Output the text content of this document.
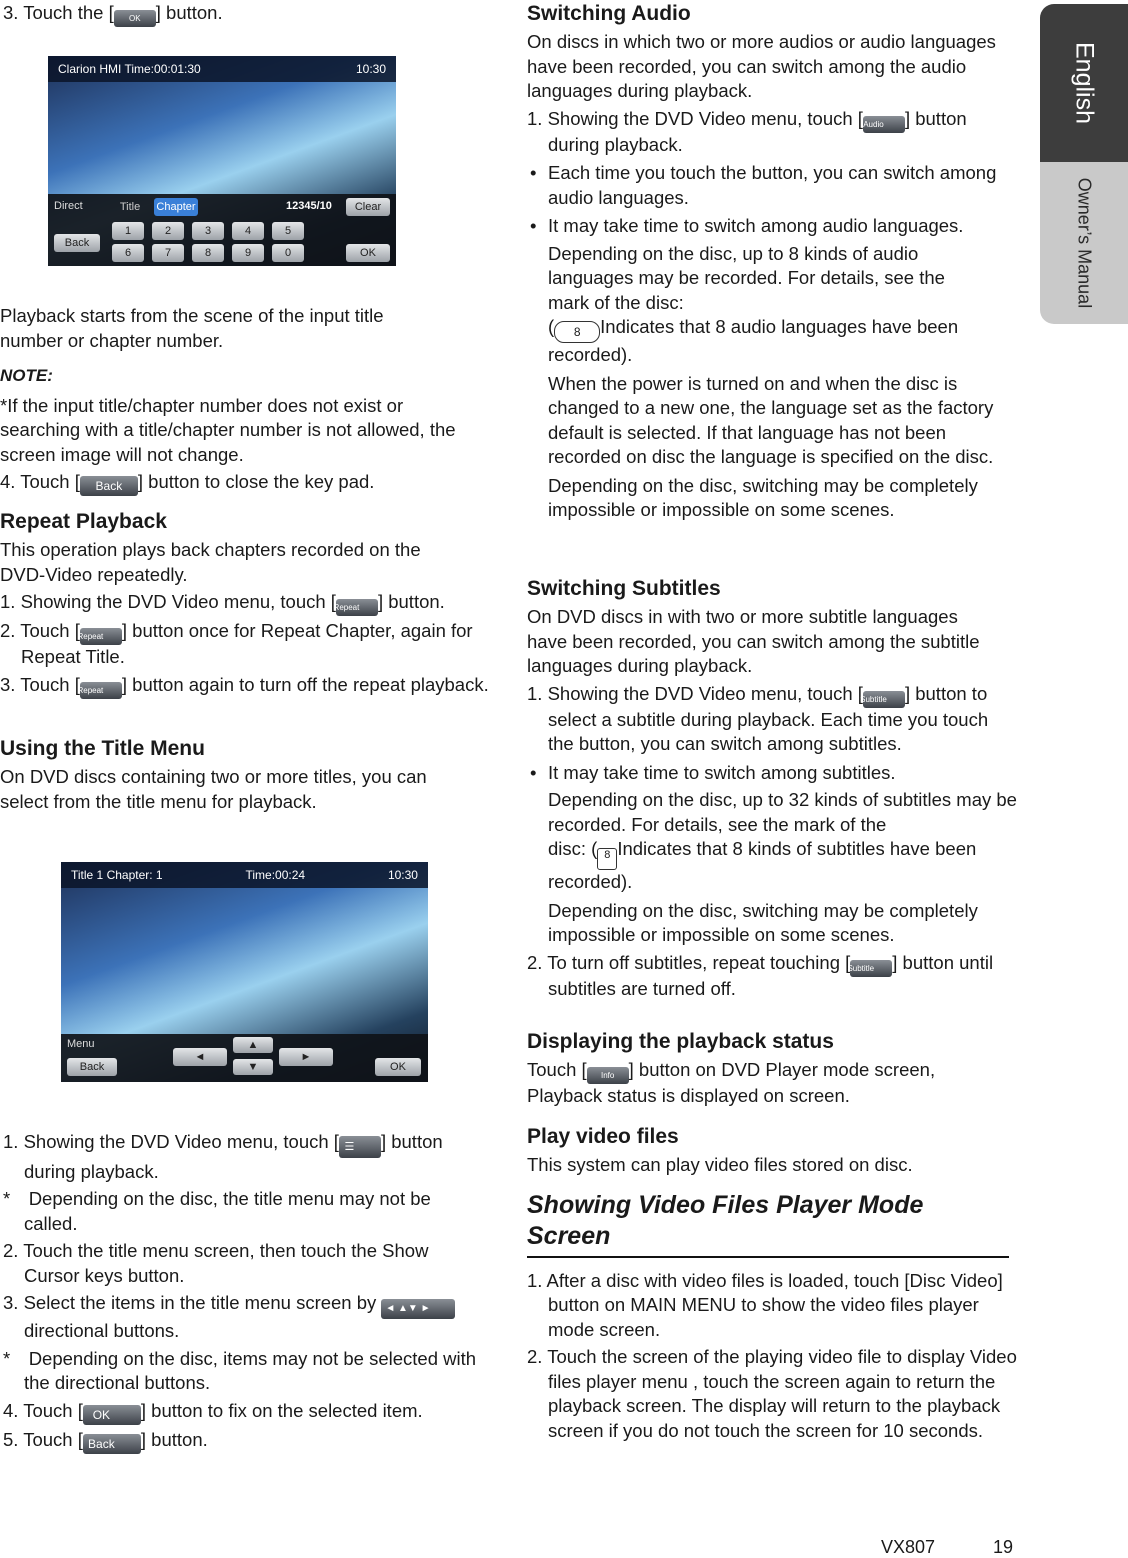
3. Touch the [ OK ] button.

Clarion HMI Time:00:01:30	10:30
Direct	Title	Chapter	12345/10	Clear
Back
1	2	3	4	5
6	7	8	9	0	OK

Playback starts from the scene of the input title number or chapter number.

NOTE:

*If the input title/chapter number does not exist or searching with a title/chapter number is not allowed, the screen image will not change.

4. Touch [ Back ] button to close the key pad.

Repeat Playback

This operation plays back chapters recorded on the DVD-Video repeatedly.

1. Showing the DVD Video menu, touch [Repeat ] button.

2. Touch [Repeat ] button once for Repeat Chapter, again for Repeat Title.

3. Touch [Repeat ] button again to turn off the repeat playback.

Using the Title Menu

On DVD discs containing two or more titles, you can select from the title menu for playback.

Title 1 Chapter: 1	Time:00:24	10:30
Menu
Back
◄
▲
▼
►
OK

1. Showing the DVD Video menu, touch [ ☰ ] button during playback.

* Depending on the disc, the title menu may not be called.

2. Touch the title menu screen, then touch the Show Cursor keys button.

3. Select the items in the title menu screen by ◄ ▲▼ ► directional buttons.

* Depending on the disc, items may not be selected with the directional buttons.

4. Touch [ OK ] button to fix on the selected item.

5. Touch [ Back ] button.

Switching Audio

On discs in which two or more audios or audio languages have been recorded, you can switch among the audio languages during playback.

1. Showing the DVD Video menu, touch [Audio ] button during playback.

• Each time you touch the button, you can switch among audio languages.

• It may take time to switch among audio languages.

Depending on the disc, up to 8 kinds of audio languages may be recorded. For details, see the mark of the disc:

( 8 Indicates that 8 audio languages have been recorded).

When the power is turned on and when the disc is changed to a new one, the language set as the factory default is selected. If that language has not been recorded on disc the language is specified on the disc.

Depending on the disc, switching may be completely impossible or impossible on some scenes.

Switching Subtitles

On DVD discs in with two or more subtitle languages have been recorded, you can switch among the subtitle languages during playback.

1. Showing the DVD Video menu, touch [Subtitle ] button to select a subtitle during playback. Each time you touch the button, you can switch among subtitles.

• It may take time to switch among subtitles.

Depending on the disc, up to 32 kinds of subtitles may be recorded. For details, see the mark of the

disc: ( 8 Indicates that 8 kinds of subtitles have been recorded).

Depending on the disc, switching may be completely impossible or impossible on some scenes.

2. To turn off subtitles, repeat touching [Subtitle ] button until subtitles are turned off.

Displaying the playback status

Touch [ Info ] button on DVD Player mode screen, Playback status is displayed on screen.

Play video files

This system can play video files stored on disc.

Showing Video Files Player Mode Screen

1. After a disc with video files is loaded, touch [Disc Video] button on MAIN MENU to show the video files player mode screen.

2. Touch the screen of the playing video file to display Video files player menu , touch the screen again to return the playback screen. The display will return to the playback screen if you do not touch the screen for 10 seconds.

English
Owner’s Manual
VX807	19
